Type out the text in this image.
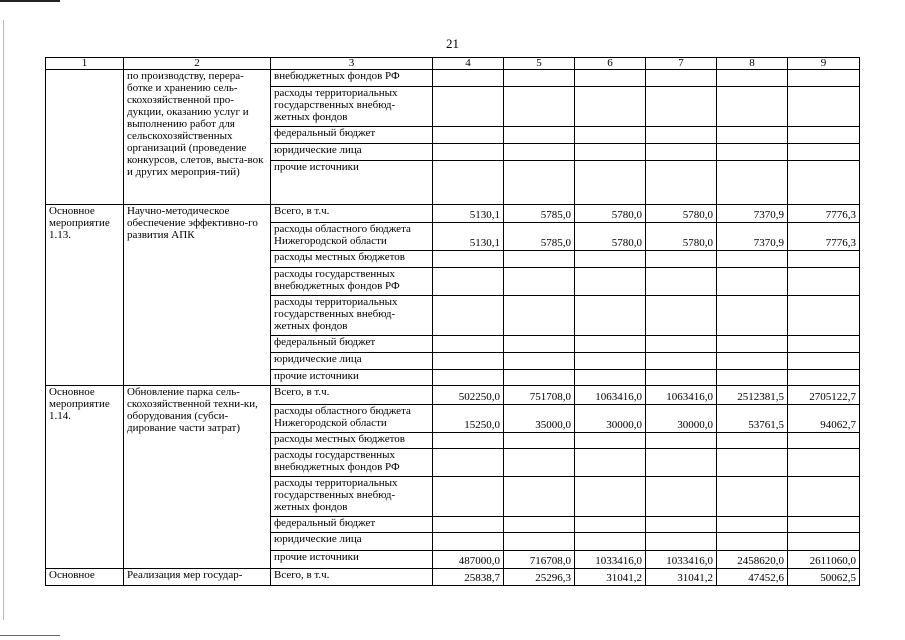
21
1	2	3	4	5	6	7	8	9
	по производству, перера-ботке и хранению сель-скохозяйственной про-дукции, оказанию услуг и выполнению работ для сельскохозяйственных организаций (проведение конкурсов, слетов, выста-вок и других мероприя-тий)	внебюджетных фондов РФ						
		расходы территориальных государственных внебюд-жетных фондов						
		федеральный бюджет						
		юридические лица						
		прочие источники						
Основное мероприятие 1.13.	Научно-методическое обеспечение эффективно-го развития АПК	Всего, в т.ч.	5130,1	5785,0	5780,0	5780,0	7370,9	7776,3
		расходы областного бюджета Нижегородской области	5130,1	5785,0	5780,0	5780,0	7370,9	7776,3
		расходы местных бюджетов						
		расходы государственных внебюджетных фондов РФ						
		расходы территориальных государственных внебюд-жетных фондов						
		федеральный бюджет						
		юридические лица						
		прочие источники						
Основное мероприятие 1.14.	Обновление парка сель-скохозяйственной техни-ки, оборудования (субси-дирование части затрат)	Всего, в т.ч.	502250,0	751708,0	1063416,0	1063416,0	2512381,5	2705122,7
		расходы областного бюджета Нижегородской области	15250,0	35000,0	30000,0	30000,0	53761,5	94062,7
		расходы местных бюджетов						
		расходы государственных внебюджетных фондов РФ						
		расходы территориальных государственных внебюд-жетных фондов						
		федеральный бюджет						
		юридические лица						
		прочие источники	487000,0	716708,0	1033416,0	1033416,0	2458620,0	2611060,0
Основное	Реализация мер государ-	Всего, в т.ч.	25838,7	25296,3	31041,2	31041,2	47452,6	50062,5
